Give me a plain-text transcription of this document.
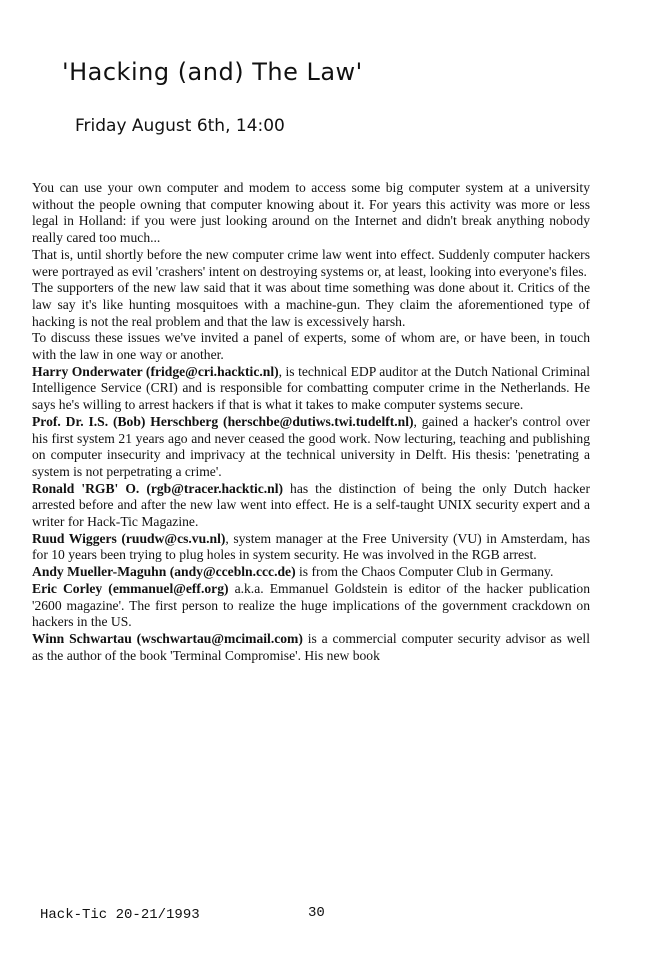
'Hacking (and) The Law'
Friday August 6th, 14:00

You can use your own computer and modem to access some big computer system at a university without the people owning that computer knowing about it. For years this activity was more or less legal in Holland: if you were just looking around on the Internet and didn't break anything nobody really cared too much...

That is, until shortly before the new computer crime law went into effect. Suddenly computer hackers were portrayed as evil 'crashers' intent on destroying systems or, at least, looking into everyone's files.

The supporters of the new law said that it was about time something was done about it. Critics of the law say it's like hunting mosquitoes with a machine-gun. They claim the aforementioned type of hacking is not the real problem and that the law is excessively harsh.

To discuss these issues we've invited a panel of experts, some of whom are, or have been, in touch with the law in one way or another.

Harry Onderwater (fridge@cri.hacktic.nl), is technical EDP auditor at the Dutch National Criminal Intelligence Service (CRI) and is responsible for combatting computer crime in the Netherlands. He says he's willing to arrest hackers if that is what it takes to make computer systems secure.

Prof. Dr. I.S. (Bob) Herschberg (herschbe@dutiws.twi.tudelft.nl), gained a hacker's control over his first system 21 years ago and never ceased the good work. Now lecturing, teaching and publishing on computer insecurity and imprivacy at the technical university in Delft. His thesis: 'penetrating a system is not perpetrating a crime'.

Ronald 'RGB' O. (rgb@tracer.hacktic.nl) has the distinction of being the only Dutch hacker arrested before and after the new law went into effect. He is a self-taught UNIX security expert and a writer for Hack-Tic Magazine.

Ruud Wiggers (ruudw@cs.vu.nl), system manager at the Free University (VU) in Amsterdam, has for 10 years been trying to plug holes in system security. He was involved in the RGB arrest.

Andy Mueller-Maguhn (andy@ccebln.ccc.de) is from the Chaos Computer Club in Germany.

Eric Corley (emmanuel@eff.org) a.k.a. Emmanuel Goldstein is editor of the hacker publication '2600 magazine'. The first person to realize the huge implications of the government crackdown on hackers in the US.

Winn Schwartau (wschwartau@mcimail.com) is a commercial computer security advisor as well as the author of the book 'Terminal Compromise'. His new book

Hack-Tic 20-21/1993	30
